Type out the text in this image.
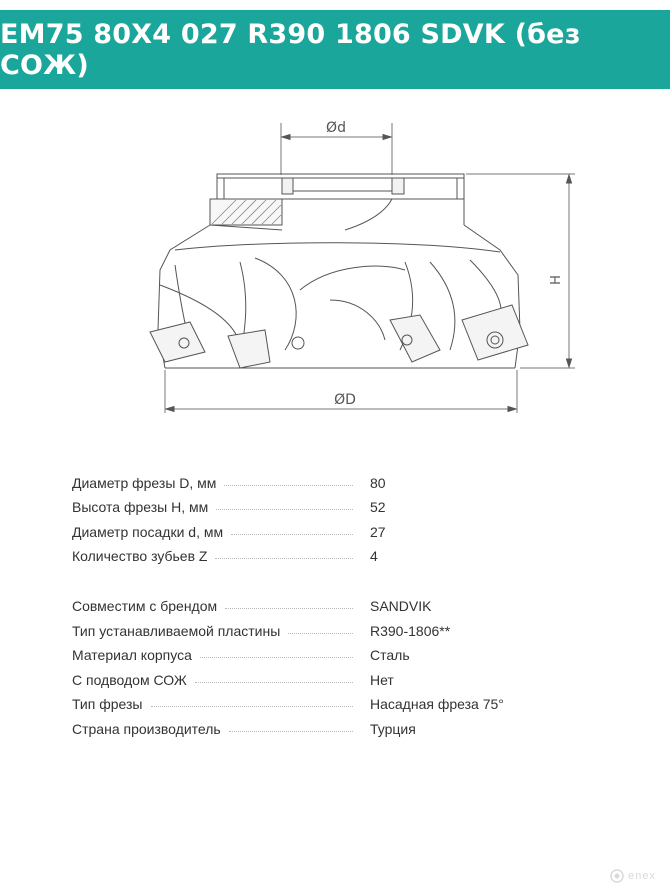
EM75 80X4 027 R390 1806 SDVK (без СОЖ)
Ød
ØD
H
Диаметр фрезы D, мм	80
Высота фрезы H, мм	52
Диаметр посадки d, мм	27
Количество зубьев Z	4
Совместим с брендом	SANDVIK
Тип устанавливаемой пластины	R390-1806**
Материал корпуса	Сталь
С подводом СОЖ	Нет
Тип фрезы	Насадная фреза 75°
Страна производитель	Турция
enex
